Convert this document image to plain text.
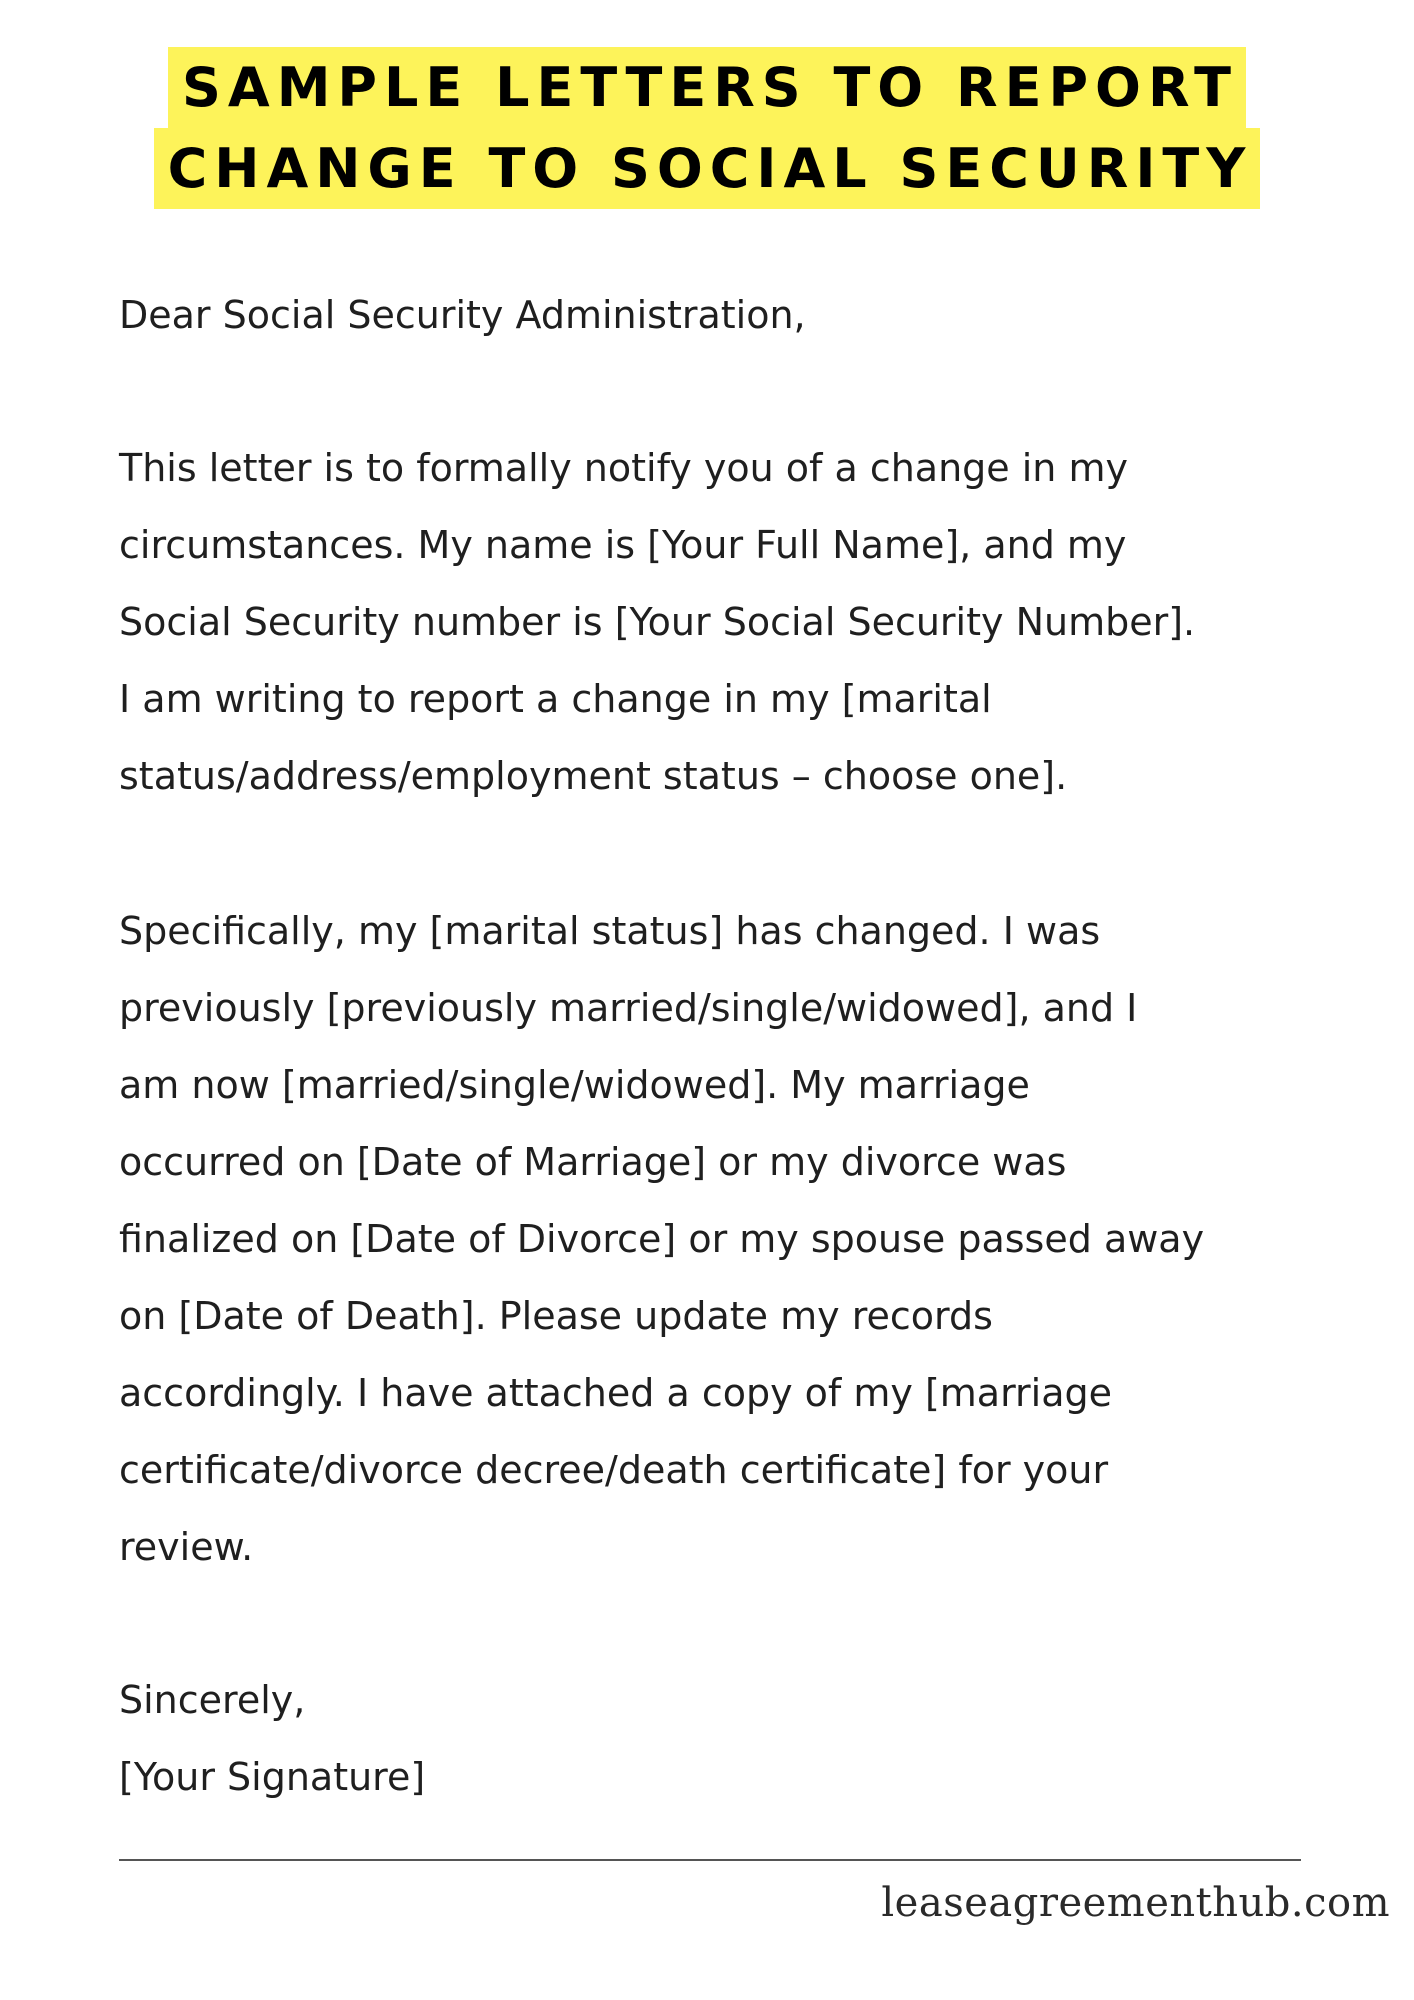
SAMPLE LETTERS TO REPORT
CHANGE TO SOCIAL SECURITY

Dear Social Security Administration,

This letter is to formally notify you of a change in my

circumstances. My name is [Your Full Name], and my

Social Security number is [Your Social Security Number].

I am writing to report a change in my [marital

status/address/employment status – choose one].

Specifically, my [marital status] has changed. I was

previously [previously married/single/widowed], and I

am now [married/single/widowed]. My marriage

occurred on [Date of Marriage] or my divorce was

finalized on [Date of Divorce] or my spouse passed away

on [Date of Death]. Please update my records

accordingly. I have attached a copy of my [marriage

certificate/divorce decree/death certificate] for your

review.

Sincerely,

[Your Signature]

leaseagreementhub.com
